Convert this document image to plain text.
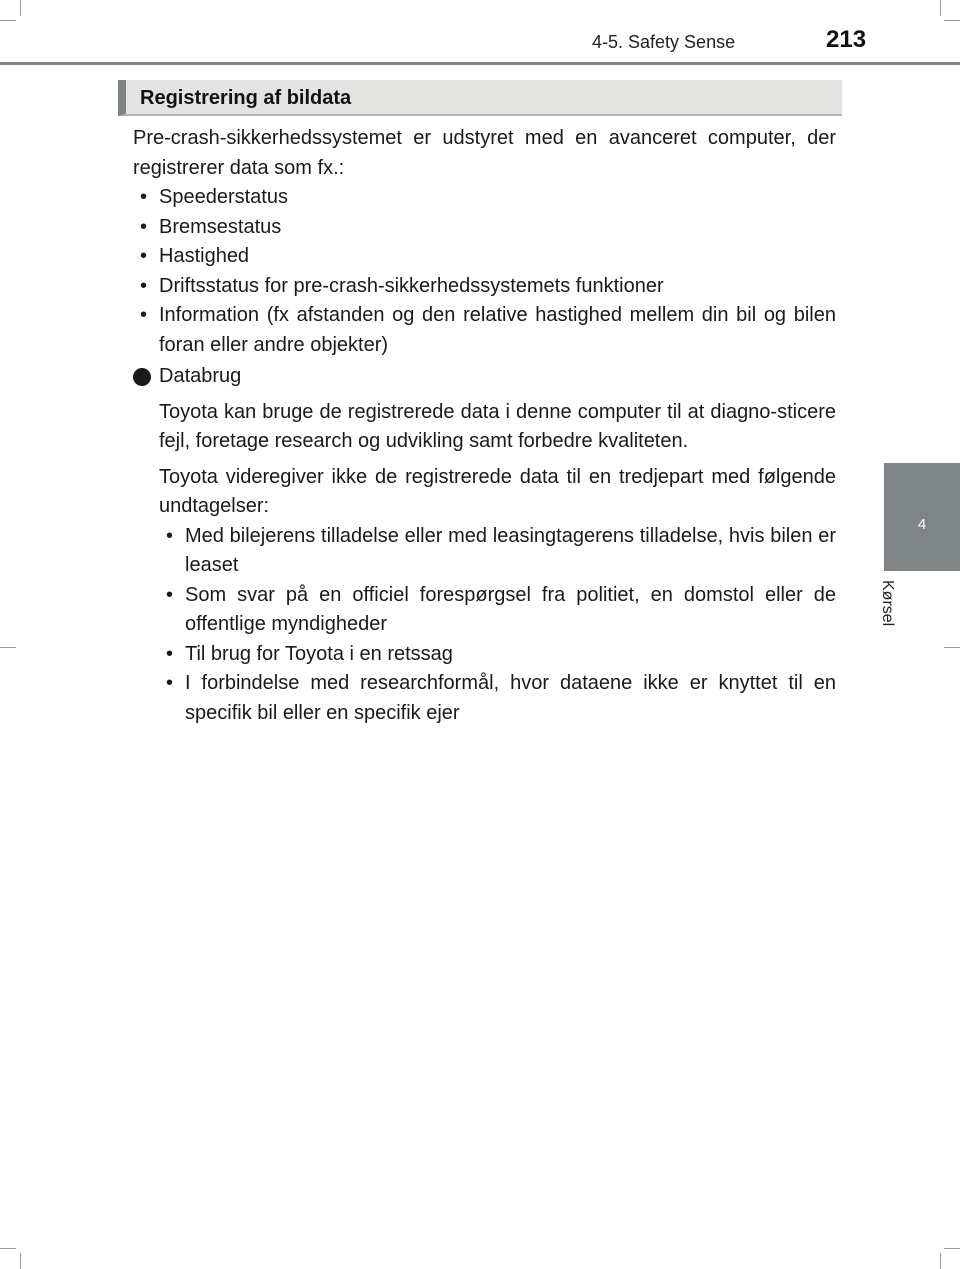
4-5. Safety Sense	213
4
Kørsel
Registrering af bildata

Pre-crash-sikkerhedssystemet er udstyret med en avanceret computer, der registrerer data som fx.:

• Speederstatus
• Bremsestatus
• Hastighed
• Driftsstatus for pre-crash-sikkerhedssystemets funktioner
• Information (fx afstanden og den relative hastighed mellem din bil og bilen foran eller andre objekter)
Databrug

Toyota kan bruge de registrerede data i denne computer til at diagno-sticere fejl, foretage research og udvikling samt forbedre kvaliteten.

Toyota videregiver ikke de registrerede data til en tredjepart med følgende undtagelser:

• Med bilejerens tilladelse eller med leasingtagerens tilladelse, hvis bilen er leaset
• Som svar på en officiel forespørgsel fra politiet, en domstol eller de offentlige myndigheder
• Til brug for Toyota i en retssag
• I forbindelse med researchformål, hvor dataene ikke er knyttet til en specifik bil eller en specifik ejer
